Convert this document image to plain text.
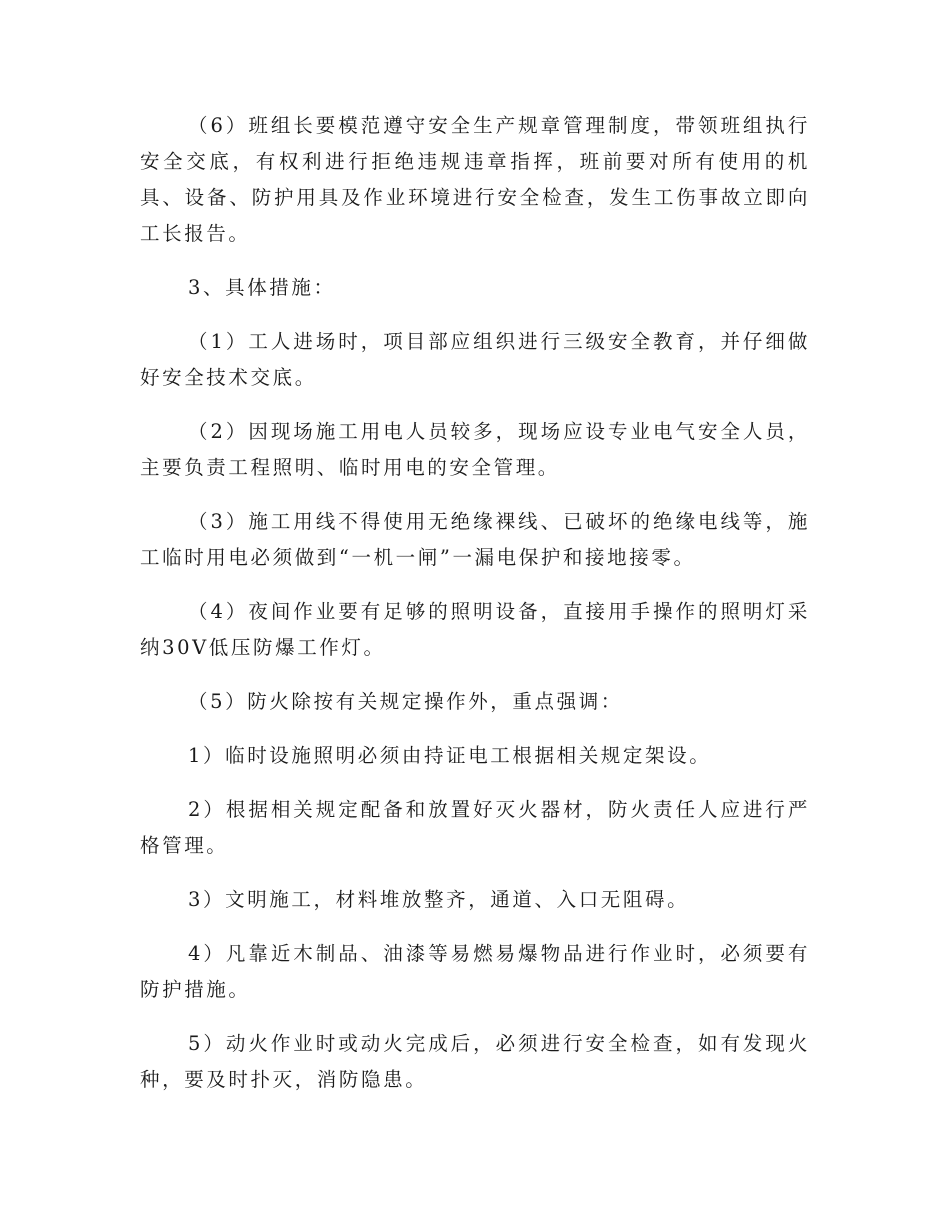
（6）班组长要模范遵守安全生产规章管理制度，带领班组执行安全交底，有权利进行拒绝违规违章指挥，班前要对所有使用的机具、设备、防护用具及作业环境进行安全检查，发生工伤事故立即向工长报告。

3、具体措施：

（1）工人进场时，项目部应组织进行三级安全教育，并仔细做好安全技术交底。

（2）因现场施工用电人员较多，现场应设专业电气安全人员，主要负责工程照明、临时用电的安全管理。

（3）施工用线不得使用无绝缘裸线、已破坏的绝缘电线等，施工临时用电必须做到“一机一闸”一漏电保护和接地接零。

（4）夜间作业要有足够的照明设备，直接用手操作的照明灯采纳30V低压防爆工作灯。

（5）防火除按有关规定操作外，重点强调：

1）临时设施照明必须由持证电工根据相关规定架设。

2）根据相关规定配备和放置好灭火器材，防火责任人应进行严格管理。

3）文明施工，材料堆放整齐，通道、入口无阻碍。

4）凡靠近木制品、油漆等易燃易爆物品进行作业时，必须要有防护措施。

5）动火作业时或动火完成后，必须进行安全检查，如有发现火种，要及时扑灭，消防隐患。
